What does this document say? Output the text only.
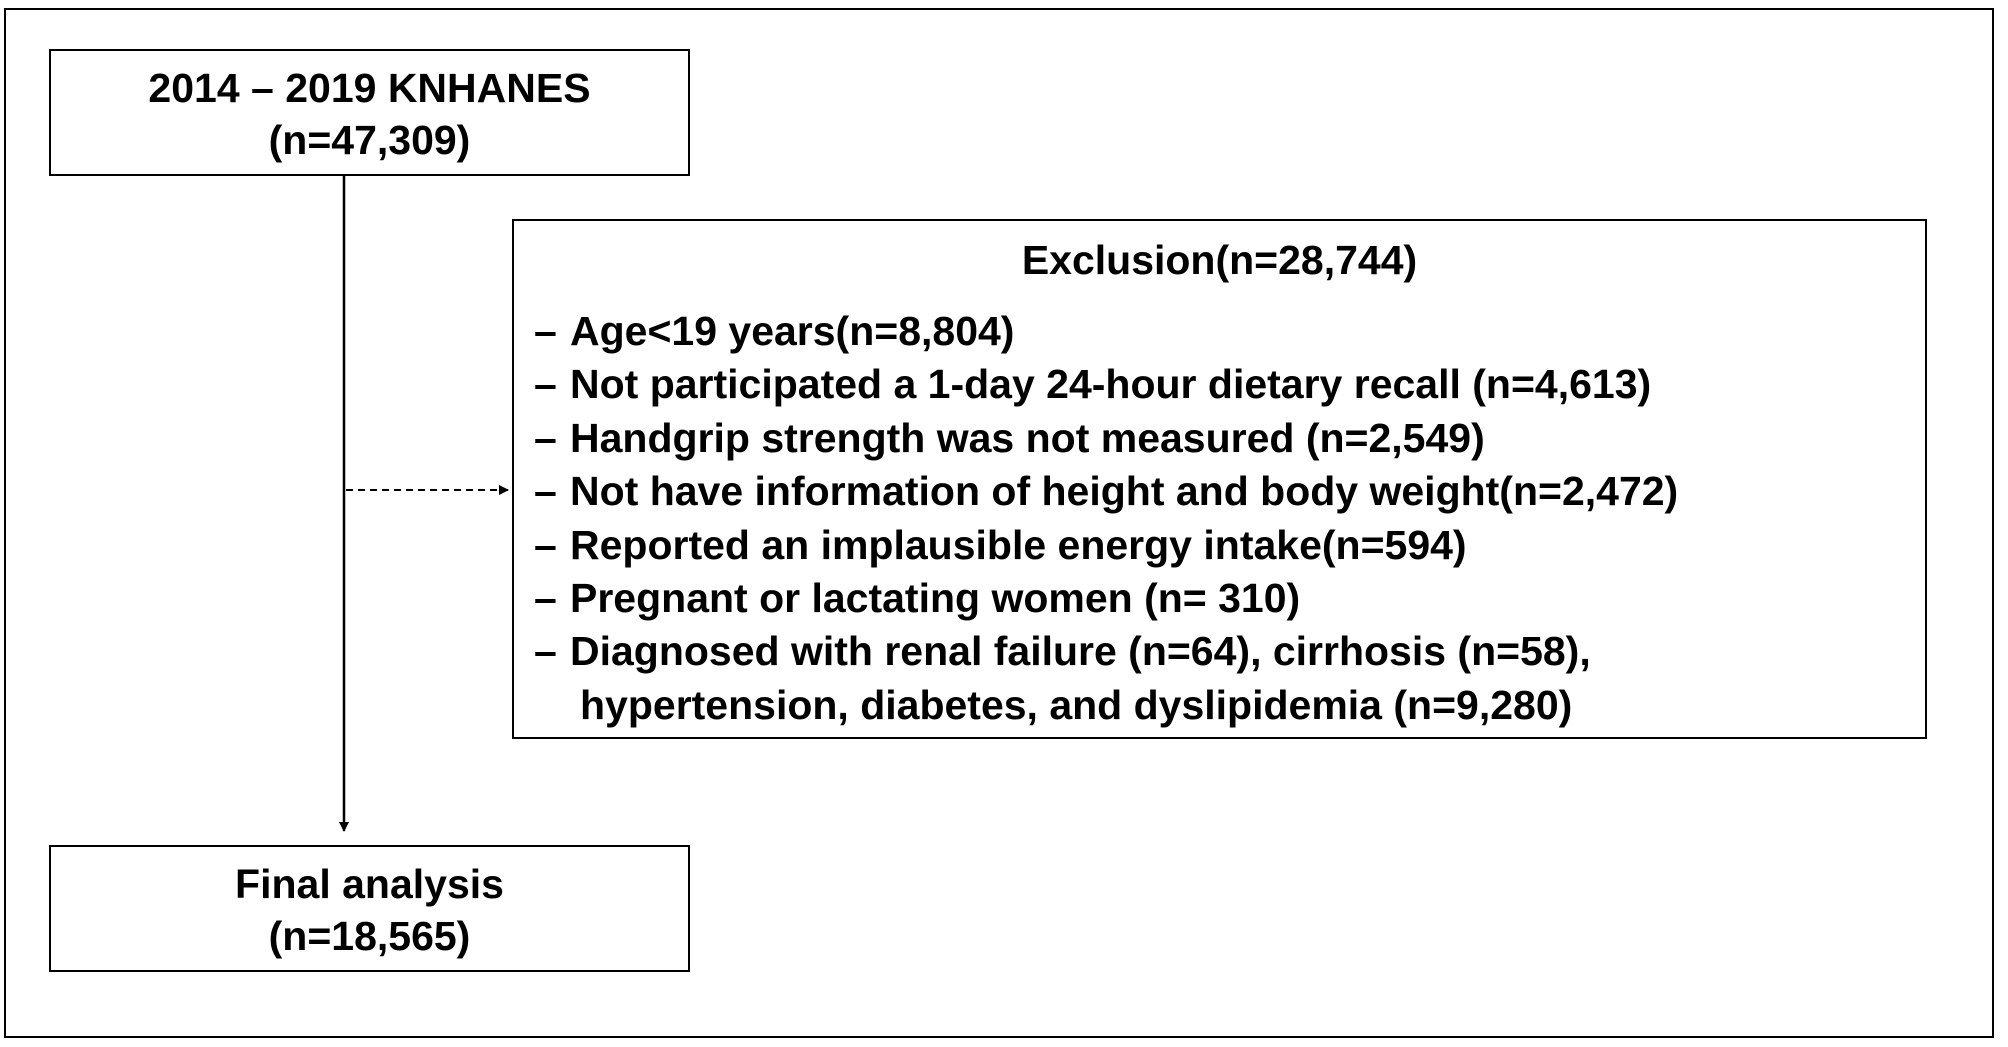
2014 – 2019 KNHANES
(n=47,309)
Exclusion(n=28,744)
– Age<19 years(n=8,804)
– Not participated a 1-day 24-hour dietary recall (n=4,613)
– Handgrip strength was not measured (n=2,549)
– Not have information of height and body weight(n=2,472)
– Reported an implausible energy intake(n=594)
– Pregnant or lactating women (n= 310)
– Diagnosed with renal failure (n=64), cirrhosis (n=58),
hypertension, diabetes, and dyslipidemia (n=9,280)
Final analysis
(n=18,565)
